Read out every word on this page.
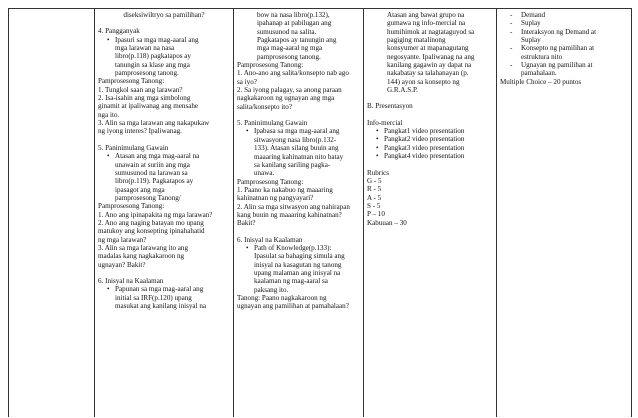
diseksiwiltryo sa pamilihan?

4. Pangganyak

• Ipasuri sa mga mag-aaral ang
mga larawan na nasa
libro(p.118) pagkatapos ay
tanungin sa klase ang mga
pamprosesong tanong.

Pamprosesong Tanong:

1. Tungkol saan ang larawan?

2. Isa-isahin ang mga simbolong

ginamit at ipaliwanag ang mensahe

nga ito.

3. Alin sa mga larawan ang nakapukaw

ng iyong interes? Ipaliwanag.

5. Paninimulang Gawain

• Atasan ang mga mag-aaral na
unawain at suriin ang mga
sumusunod na larawan sa
libro(p.119). Pagkatapos ay
ipasagot ang mga
pamprosesong Tanong/

Pamprosesong Tanong:

1. Ano ang ipinapakita ng mga larawan?

2. Ano ang naging batayan mo upang

matukoy ang konsepting ipinahahatid

ng mga larawan?

3. Alin sa mga larawang ito ang

madalas kang nagkakaroon ng

ugnayan? Bakit?

6. Inisyal na Kaalaman

• Papunan sa mga mag-aaral ang
initial sa IRF(p.120) upang
masukat ang kanilang inisyal na
bow na nasa libro(p.132),
ipahanap at pabilugan ang
sumusunod na salita.
Pagkatapos ay tanungin ang
mga mag-aaral ng mga
pamprosesong tanong.

Pamprosesong Tanong:

1. Ano-ano ang salita/konsepto nab ago

sa iyo?

2. Sa iyong palagay, sa anong paraan

nagkakaroon ng ugnayan ang mga

salita/konsepto ito?

5. Paninimulang Gawain

• Ipabasa sa mga mag-aaral ang
sitwasyong nasa libro(p.132-
133). Atasan silang buuin ang
maaaring kahinatnan nito batay
sa kanilang sariling pagka-
unawa.

Pamprosesong Tanong:

1. Paano ka nakabuo ng maaaring

kahinatnan ng pangyayari?

2. Alin sa mga sitwasyon ang nahirapan

kang buuin ng maaaring kahinatnan?

Bakit?

6. Inisyal na Kaalaman

• Path of Knowledge(p.133):
Ipasulat sa bahaging simula ang
inisyal na kasagutan ng tanong
upang malaman ang inisyal na
kaalaman ng mag-aaral sa
paksang ito.

Tanong: Paano nagkakaroon ng

ugnayan ang pamilihan at pamahalaan?

Atasan ang bawat grupo na
gumawa ng info-mercial na
humihimok at nagtataguyod sa
pagiging matalinong
konsyumer at mapanagutang
negosyante. Ipaliwanag na ang
kanilang gagawin ay dapat na
nakabatay sa talahanayan (p.
144) ayon sa konsepto ng
G.R.A.S.P.

B. Presentasyon

Info-mercial

• Pangkat1 video presentation
• Pangkat2 video presentation
• Pangkat3 video presentation
• Pangkat4 video presentation

Rubrics

G - 5

R - 5

A - 5

S - 5

P – 10

Kabuuan – 30

- Demand
- Suplay
- Interaksyon ng Demand at
Suplay
- Konsepto ng pamilihan at
estruktura nito
- Ugnayan ng pamilihan at
pamahalaan.

Multiple Choice – 20 puntos
